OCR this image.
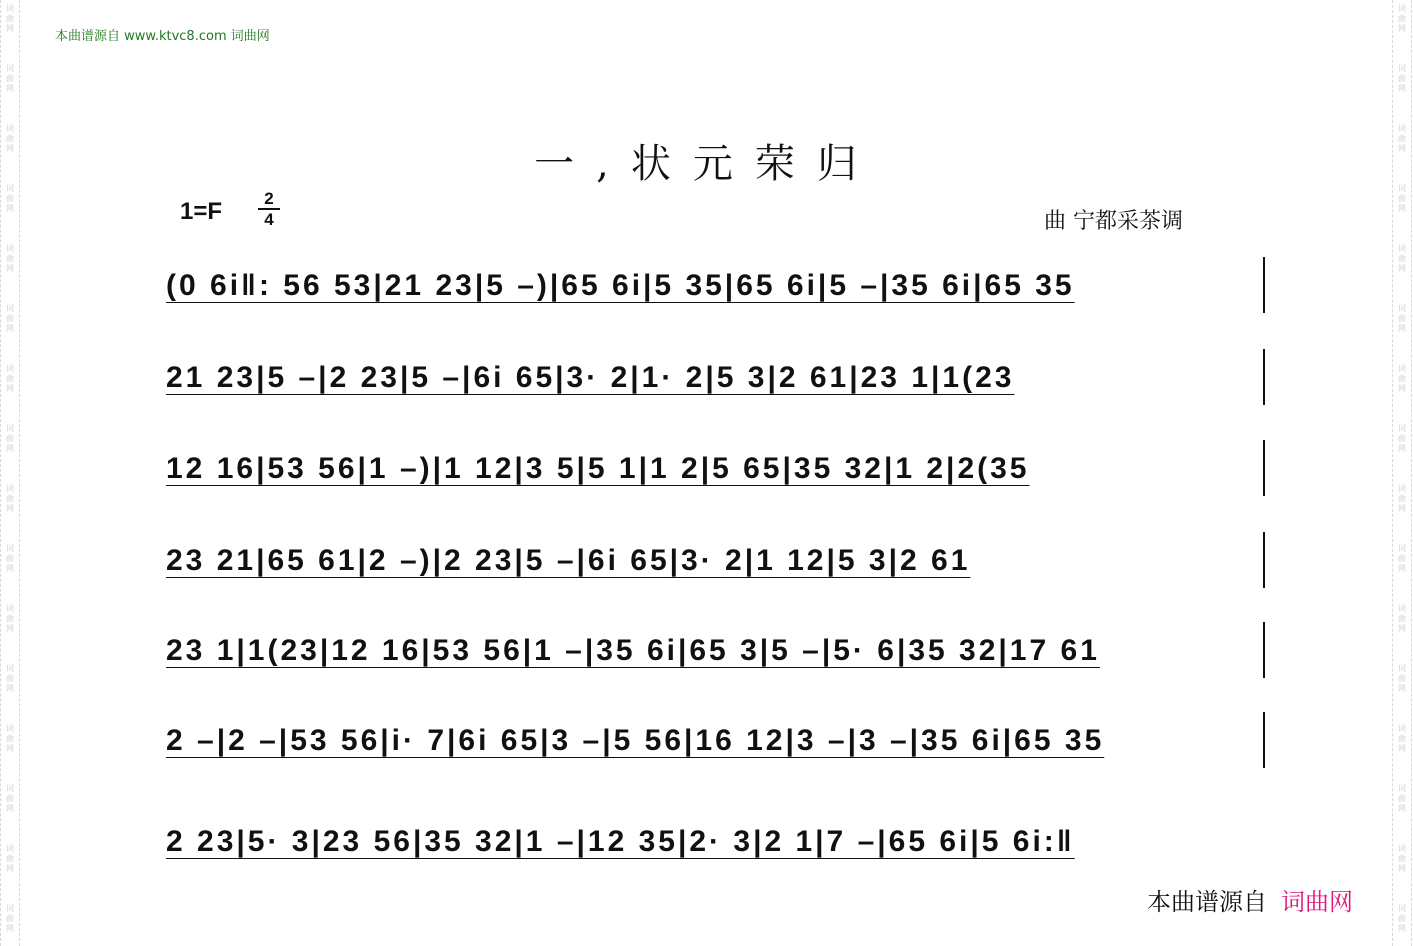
词
曲
网
词
曲
网
词
曲
网
词
曲
网
词
曲
网
词
曲
网
词
曲
网
词
曲
网
词
曲
网
词
曲
网
词
曲
网
词
曲
网
词
曲
网
词
曲
网
词
曲
网
词
曲
网
词
曲
网
词
曲
网
词
曲
网
词
曲
网
词
曲
网
词
曲
网
词
曲
网
词
曲
网
词
曲
网
词
曲
网
词
曲
网
词
曲
网
词
曲
网
词
曲
网
词
曲
网
词
曲
网
本曲谱源自 www.ktvc8.com 词曲网
一,状元荣归
$1=F \frac{2}{4}$	曲 宁都采茶调
(0 6i‖: 56 53|21 23|5 –)|65 6i|5 35|65 6i|5 –|35 6i|65 35
21 23|5 –|2 23|5 –|6i 65|3· 2|1· 2|5 3|2 61|23 1|1(23
12 16|53 56|1 –)|1 12|3 5|5 1|1 2|5 65|35 32|1 2|2(35
23 21|65 61|2 –)|2 23|5 –|6i 65|3· 2|1 12|5 3|2 61
23 1|1(23|12 16|53 56|1 –|35 6i|65 3|5 –|5· 6|35 32|17 61
2 –|2 –|53 56|i· 7|6i 65|3 –|5 56|16 12|3 –|3 –|35 6i|65 35
2 23|5· 3|23 56|35 32|1 –|12 35|2· 3|2 1|7 –|65 6i|5 6i:‖
本曲谱源自 词曲网
